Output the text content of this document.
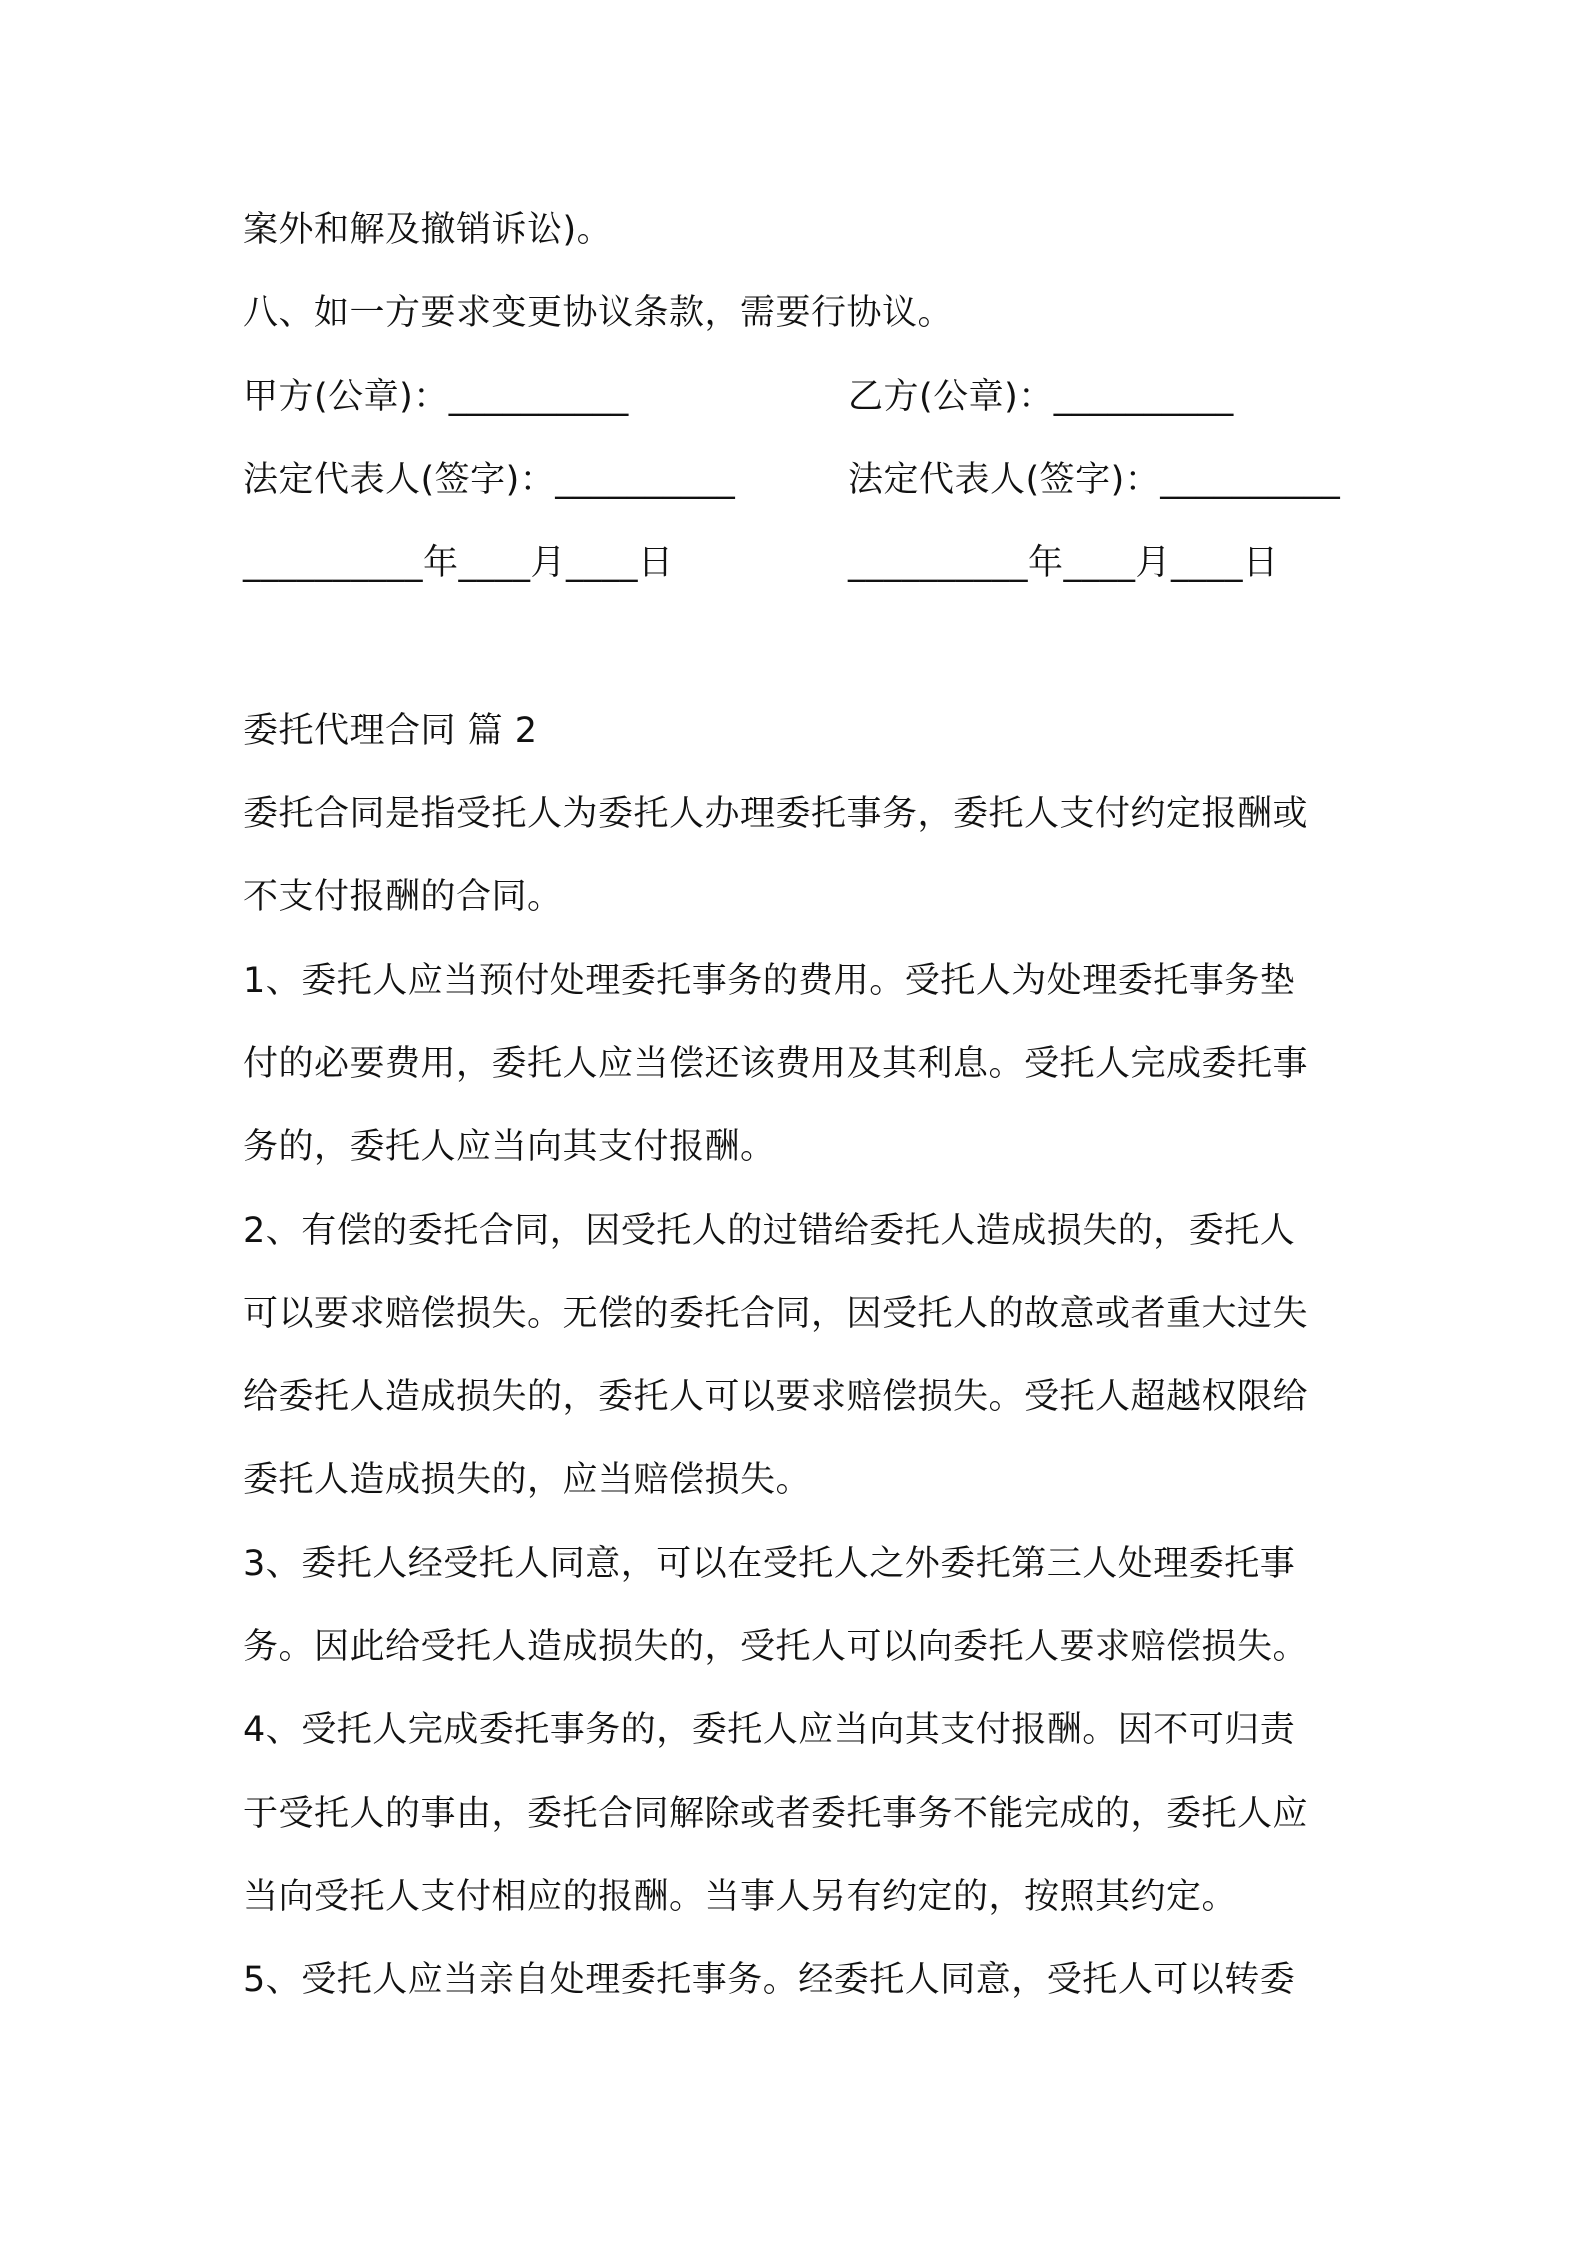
案外和解及撤销诉讼)。
八、如一方要求变更协议条款，需要行协议。
甲方(公章)：__________	乙方(公章)：__________
法定代表人(签字)：__________	法定代表人(签字)：__________
__________年____月____日	__________年____月____日
委托代理合同 篇 2
委托合同是指受托人为委托人办理委托事务，委托人支付约定报酬或
不支付报酬的合同。
1、委托人应当预付处理委托事务的费用。受托人为处理委托事务垫
付的必要费用，委托人应当偿还该费用及其利息。受托人完成委托事
务的，委托人应当向其支付报酬。
2、有偿的委托合同，因受托人的过错给委托人造成损失的，委托人
可以要求赔偿损失。无偿的委托合同，因受托人的故意或者重大过失
给委托人造成损失的，委托人可以要求赔偿损失。受托人超越权限给
委托人造成损失的，应当赔偿损失。
3、委托人经受托人同意，可以在受托人之外委托第三人处理委托事
务。因此给受托人造成损失的，受托人可以向委托人要求赔偿损失。
4、受托人完成委托事务的，委托人应当向其支付报酬。因不可归责
于受托人的事由，委托合同解除或者委托事务不能完成的，委托人应
当向受托人支付相应的报酬。当事人另有约定的，按照其约定。
5、受托人应当亲自处理委托事务。经委托人同意，受托人可以转委
